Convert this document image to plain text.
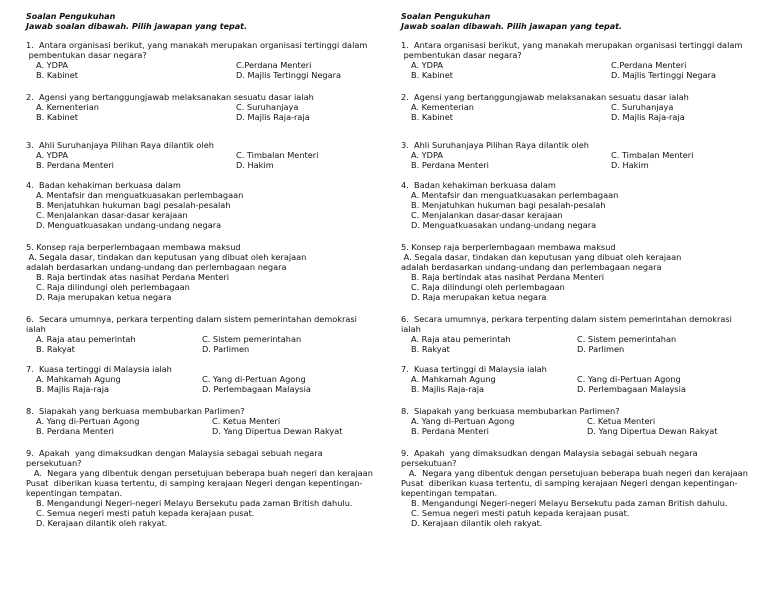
Soalan Pengukuhan
Jawab soalan dibawah. Pilih jawapan yang tepat.
1.  Antara organisasi berikut, yang manakah merupakan organisasi tertinggi dalam
pembentukan dasar negara?
A. YDPA	C.Perdana Menteri
B. Kabinet	D. Majlis Tertinggi Negara
2.  Agensi yang bertanggungjawab melaksanakan sesuatu dasar ialah
A. Kementerian	C. Suruhanjaya
B. Kabinet	D. Majlis Raja-raja
3.  Ahli Suruhanjaya Pilihan Raya dilantik oleh
A. YDPA	C. Timbalan Menteri
B. Perdana Menteri	D. Hakim
4.  Badan kehakiman berkuasa dalam
A. Mentafsir dan menguatkuasakan perlembagaan
B. Menjatuhkan hukuman bagi pesalah-pesalah
C. Menjalankan dasar-dasar kerajaan
D. Menguatkuasakan undang-undang negara
5. Konsep raja berperlembagaan membawa maksud
A. Segala dasar, tindakan dan keputusan yang dibuat oleh kerajaan
adalah berdasarkan undang-undang dan perlembagaan negara
B. Raja bertindak atas nasihat Perdana Menteri
C. Raja dilindungi oleh perlembagaan
D. Raja merupakan ketua negara
6.  Secara umumnya, perkara terpenting dalam sistem pemerintahan demokrasi ialah
A. Raja atau pemerintah	C. Sistem pemerintahan
B. Rakyat	D. Parlimen
7.  Kuasa tertinggi di Malaysia ialah
A. Mahkamah Agung	C. Yang di-Pertuan Agong
B. Majlis Raja-raja	D. Perlembagaan Malaysia
8.  Siapakah yang berkuasa membubarkan Parlimen?
A. Yang di-Pertuan Agong	C. Ketua Menteri
B. Perdana Menteri	D. Yang Dipertua Dewan Rakyat
9.  Apakah  yang dimaksudkan dengan Malaysia sebagai sebuah negara persekutuan?
A.  Negara yang dibentuk dengan persetujuan beberapa buah negeri dan kerajaan
Pusat  diberikan kuasa tertentu, di samping kerajaan Negeri dengan kepentingan-
kepentingan tempatan.
B. Mengandungi Negeri-negeri Melayu Bersekutu pada zaman British dahulu.
C. Semua negeri mesti patuh kepada kerajaan pusat.
D. Kerajaan dilantik oleh rakyat.
Soalan Pengukuhan
Jawab soalan dibawah. Pilih jawapan yang tepat.
1.  Antara organisasi berikut, yang manakah merupakan organisasi tertinggi dalam
pembentukan dasar negara?
A. YDPA	C.Perdana Menteri
B. Kabinet	D. Majlis Tertinggi Negara
2.  Agensi yang bertanggungjawab melaksanakan sesuatu dasar ialah
A. Kementerian	C. Suruhanjaya
B. Kabinet	D. Majlis Raja-raja
3.  Ahli Suruhanjaya Pilihan Raya dilantik oleh
A. YDPA	C. Timbalan Menteri
B. Perdana Menteri	D. Hakim
4.  Badan kehakiman berkuasa dalam
A. Mentafsir dan menguatkuasakan perlembagaan
B. Menjatuhkan hukuman bagi pesalah-pesalah
C. Menjalankan dasar-dasar kerajaan
D. Menguatkuasakan undang-undang negara
5. Konsep raja berperlembagaan membawa maksud
A. Segala dasar, tindakan dan keputusan yang dibuat oleh kerajaan
adalah berdasarkan undang-undang dan perlembagaan negara
B. Raja bertindak atas nasihat Perdana Menteri
C. Raja dilindungi oleh perlembagaan
D. Raja merupakan ketua negara
6.  Secara umumnya, perkara terpenting dalam sistem pemerintahan demokrasi ialah
A. Raja atau pemerintah	C. Sistem pemerintahan
B. Rakyat	D. Parlimen
7.  Kuasa tertinggi di Malaysia ialah
A. Mahkamah Agung	C. Yang di-Pertuan Agong
B. Majlis Raja-raja	D. Perlembagaan Malaysia
8.  Siapakah yang berkuasa membubarkan Parlimen?
A. Yang di-Pertuan Agong	C. Ketua Menteri
B. Perdana Menteri	D. Yang Dipertua Dewan Rakyat
9.  Apakah  yang dimaksudkan dengan Malaysia sebagai sebuah negara persekutuan?
A.  Negara yang dibentuk dengan persetujuan beberapa buah negeri dan kerajaan
Pusat  diberikan kuasa tertentu, di samping kerajaan Negeri dengan kepentingan-
kepentingan tempatan.
B. Mengandungi Negeri-negeri Melayu Bersekutu pada zaman British dahulu.
C. Semua negeri mesti patuh kepada kerajaan pusat.
D. Kerajaan dilantik oleh rakyat.
